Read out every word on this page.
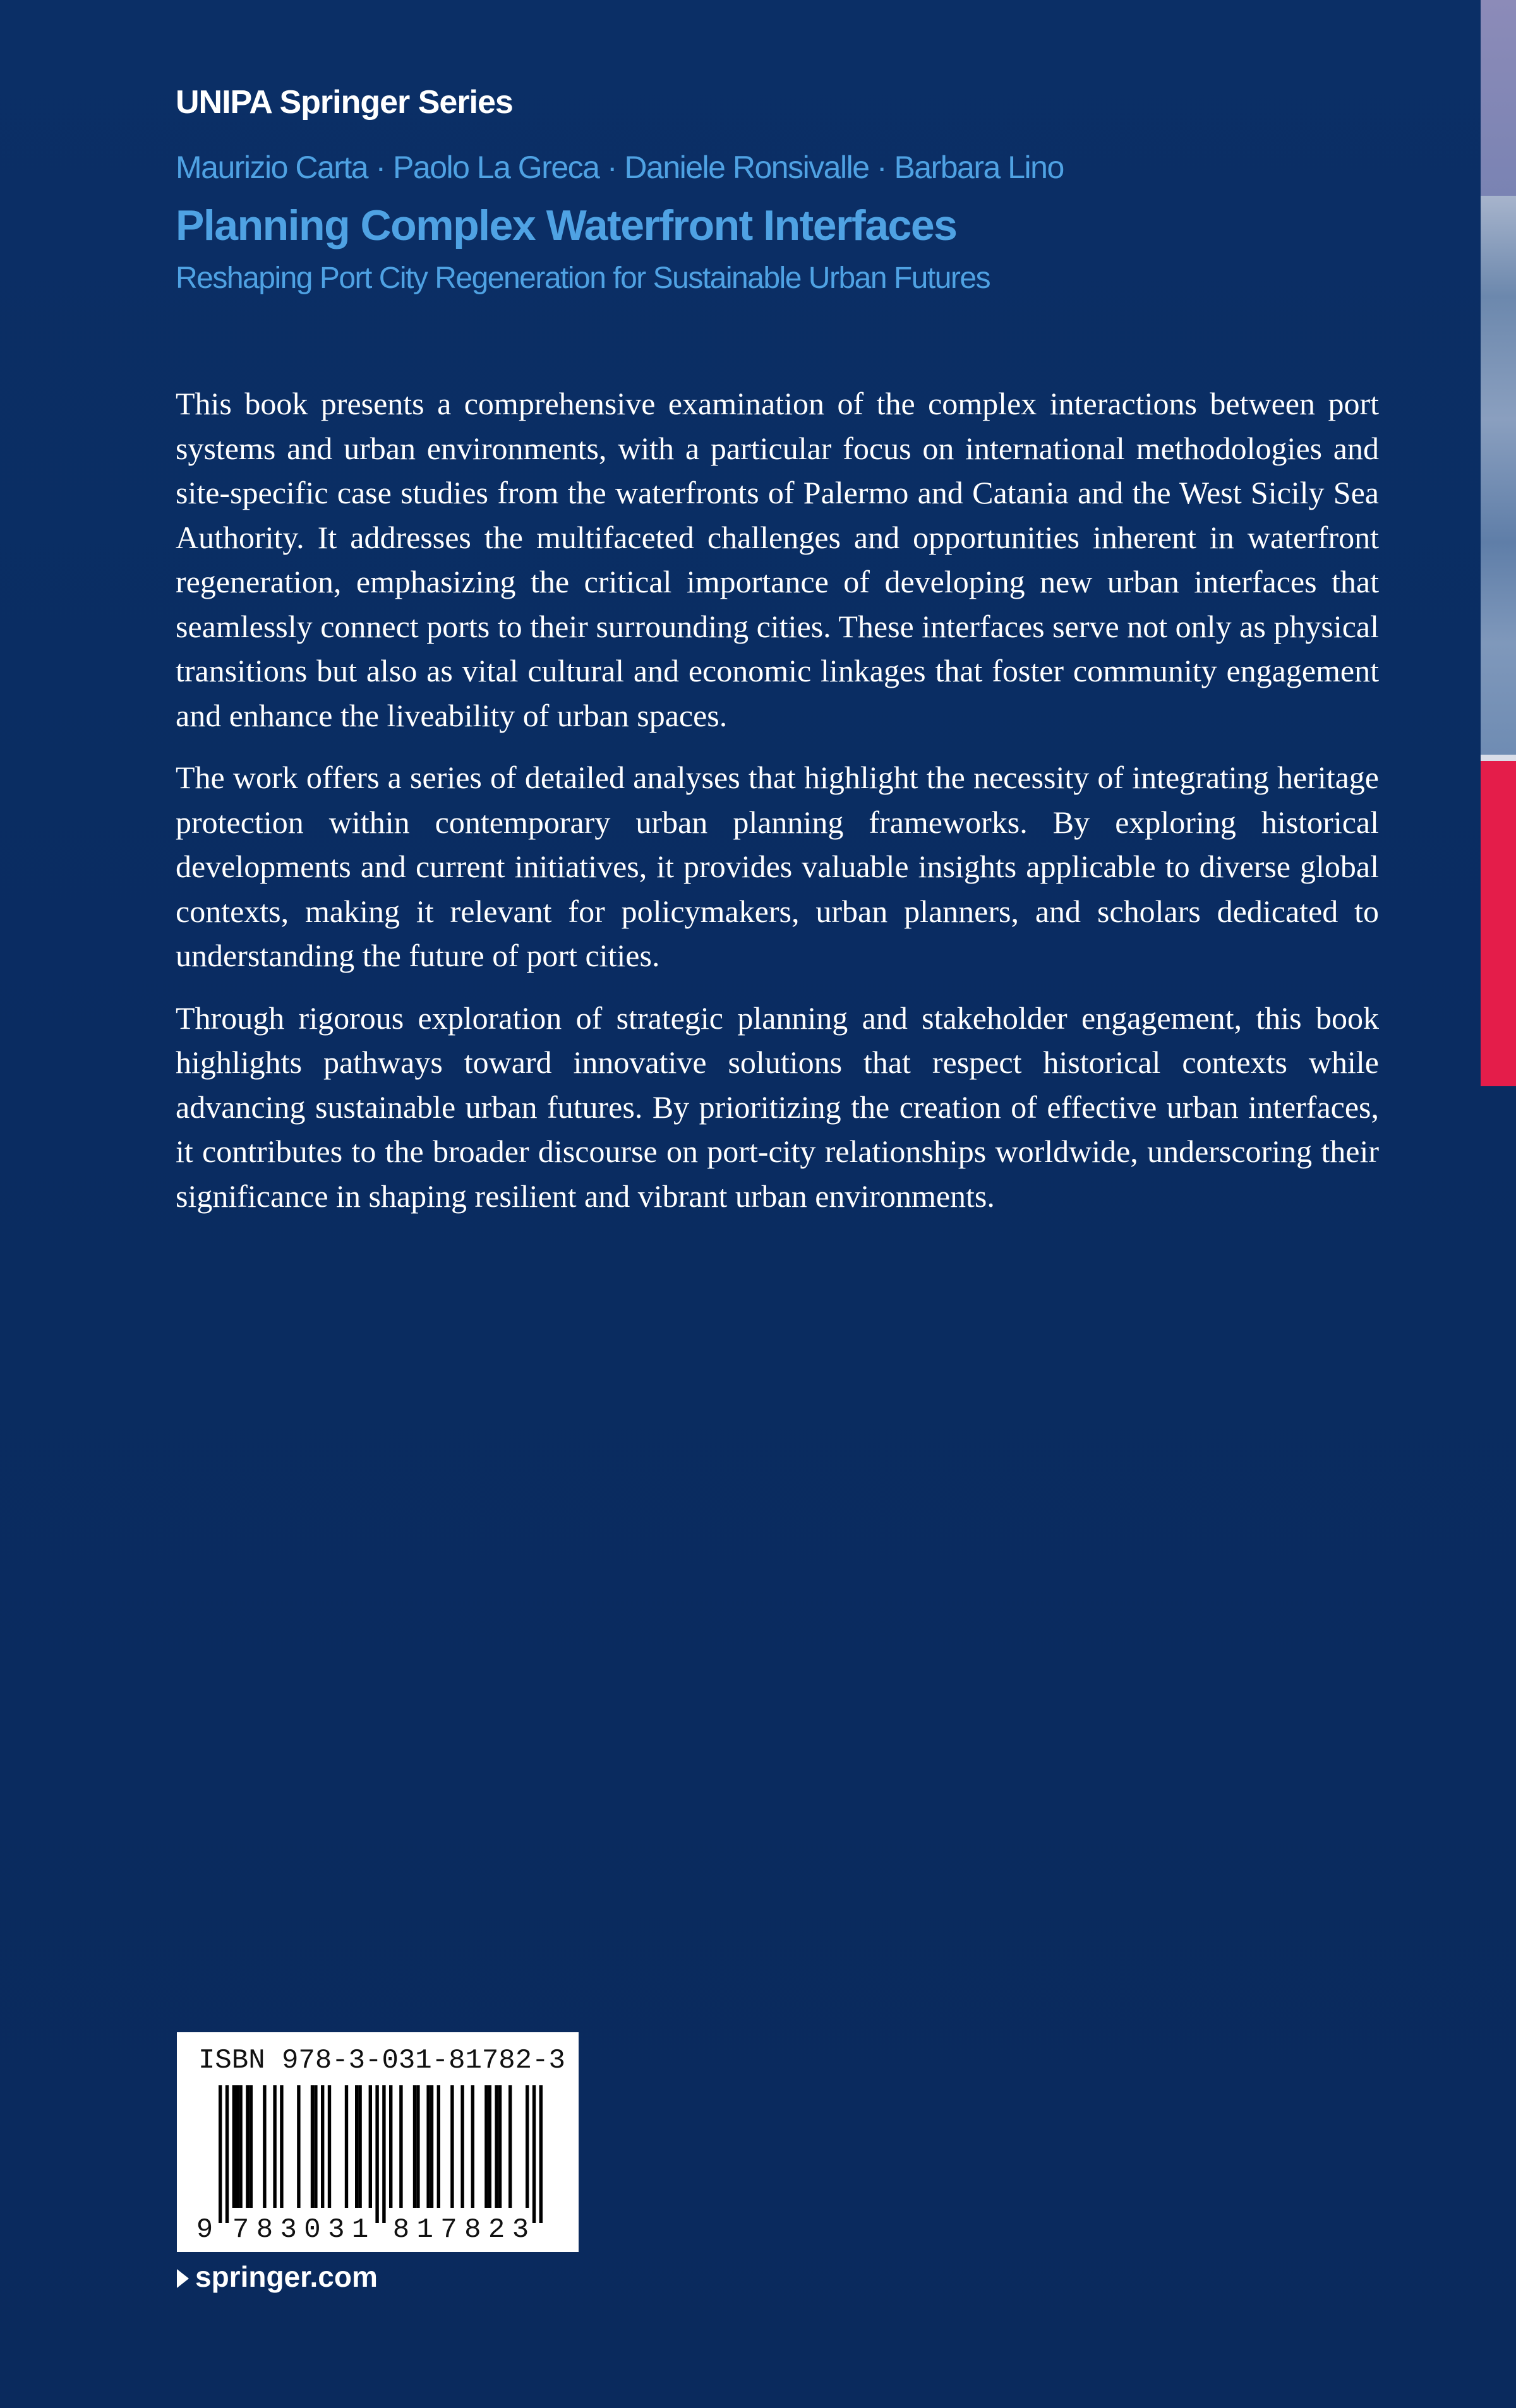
UNIPA Springer Series
Maurizio Carta · Paolo La Greca · Daniele Ronsivalle · Barbara Lino
Planning Complex Waterfront Interfaces
Reshaping Port City Regeneration for Sustainable Urban Futures

This book presents a comprehensive examination of the complex interactions between port systems and urban environments, with a particular focus on international methodologies and site-specific case studies from the waterfronts of Palermo and Catania and the West Sicily Sea Authority. It addresses the multifaceted challenges and opportunities inherent in waterfront regeneration, emphasizing the critical importance of developing new urban interfaces that seamlessly connect ports to their surrounding cities. These interfaces serve not only as physical transitions but also as vital cultural and economic linkages that foster community engagement and enhance the liveability of urban spaces.

The work offers a series of detailed analyses that highlight the necessity of integrating heritage protection within contemporary urban planning frameworks. By exploring historical developments and current initiatives, it provides valuable insights applicable to diverse global contexts, making it relevant for policymakers, urban planners, and scholars dedicated to understanding the future of port cities.

Through rigorous exploration of strategic planning and stakeholder engagement, this book highlights pathways toward innovative solutions that respect historical contexts while advancing sustainable urban futures. By prioritizing the creation of effective urban interfaces, it contributes to the broader discourse on port-city relationships worldwide, underscoring their significance in shaping resilient and vibrant urban environments.

ISBN 978-3-031-81782-3
9 7 8 3 0 3 1 8 1 7 8 2 3
springer.com
